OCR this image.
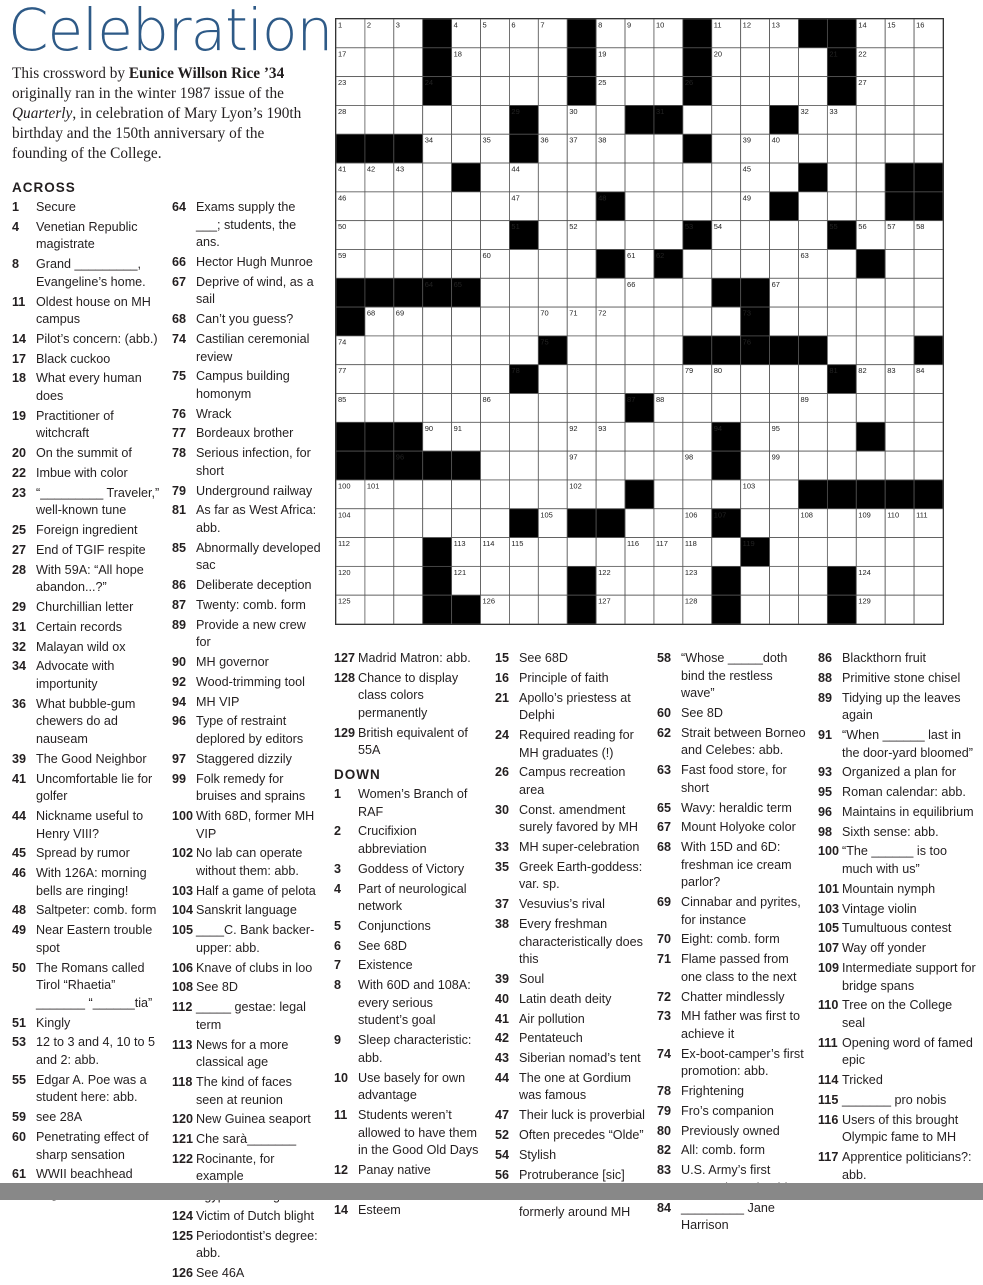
Celebration

This crossword by Eunice Willson Rice ’34 originally ran in the winter 1987 issue of the Quarterly, in celebration of Mary Lyon’s 190th birthday and the 150th anniversary of the founding of the College.

ACROSS
1 Secure
4 Venetian Republic magistrate
8 Grand _________, Evangeline’s home.
11 Oldest house on MH campus
14 Pilot’s concern: (abb.)
17 Black cuckoo
18 What every human does
19 Practitioner of witchcraft
20 On the summit of
22 Imbue with color
23 “_________ Traveler,” well-known tune
25 Foreign ingredient
27 End of TGIF respite
28 With 59A: “All hope abandon...?”
29 Churchillian letter
31 Certain records
32 Malayan wild ox
34 Advocate with importunity
36 What bubble-gum chewers do ad nauseam
39 The Good Neighbor
41 Uncomfortable lie for golfer
44 Nickname useful to Henry VIII?
45 Spread by rumor
46 With 126A: morning bells are ringing!
48 Saltpeter: comb. form
49 Near Eastern trouble spot
50 The Romans called Tirol “Rhaetia” _______ “______tia”
51 Kingly
53 12 to 3 and 4, 10 to 5 and 2: abb.
55 Edgar A. Poe was a student here: abb.
59 see 28A
60 Penetrating effect of sharp sensation
61 WWII beachhead
64 Exams supply the ___; students, the ans.
66 Hector Hugh Munroe
67 Deprive of wind, as a sail
68 Can’t you guess?
74 Castilian ceremonial review
75 Campus building homonym
76 Wrack
77 Bordeaux brother
78 Serious infection, for short
79 Underground railway
81 As far as West Africa: abb.
85 Abnormally developed sac
86 Deliberate deception
87 Twenty: comb. form
89 Provide a new crew for
90 MH governor
92 Wood-trimming tool
94 MH VIP
96 Type of restraint deplored by editors
97 Staggered dizzily
99 Folk remedy for bruises and sprains
100 With 68D, former MH VIP
102 No lab can operate without them: abb.
103 Half a game of pelota
104 Sanskrit language
105 ____C. Bank backer-upper: abb.
106 Knave of clubs in loo
108 See 8D
112 _____ gestae: legal term
113 News for a more classical age
118 The kind of faces seen at reunion
120 New Guinea seaport
121 Che sarà_______
122 Rocinante, for example
124 Victim of Dutch blight
125 Periodontist’s degree: abb.
126 See 46A
127 Madrid Matron: abb.
128 Chance to display class colors permanently
129 British equivalent of 55A
DOWN
1 Women’s Branch of RAF
2 Crucifixion abbreviation
3 Goddess of Victory
4 Part of neurological network
5 Conjunctions
6 See 68D
7 Existence
8 With 60D and 108A: every serious student’s goal
9 Sleep characteristic: abb.
10 Use basely for own advantage
11 Students weren’t allowed to have them in the Good Old Days
12 Panay native
14 Esteem
15 See 68D
16 Principle of faith
21 Apollo’s priestess at Delphi
24 Required reading for MH graduates (!)
26 Campus recreation area
30 Const. amendment surely favored by MH
33 MH super-celebration
35 Greek Earth-goddess: var. sp.
37 Vesuvius’s rival
38 Every freshman characteristically does this
39 Soul
40 Latin death deity
41 Air pollution
42 Pentateuch
43 Siberian nomad’s tent
44 The one at Gordium was famous
47 Their luck is proverbial
52 Often precedes “Olde”
54 Stylish
56 Protruberance [sic]
formerly around MH
58 “Whose _____doth bind the restless wave”
60 See 8D
62 Strait between Borneo and Celebes: abb.
63 Fast food store, for short
65 Wavy: heraldic term
67 Mount Holyoke color
68 With 15D and 6D: freshman ice cream parlor?
69 Cinnabar and pyrites, for instance
70 Eight: comb. form
71 Flame passed from one class to the next
72 Chatter mindlessly
73 MH father was first to achieve it
74 Ex-boot-camper’s first promotion: abb.
78 Frightening
79 Fro’s companion
80 Previously owned
82 All: comb. form
83 U.S. Army’s first
84 _________ Jane Harrison
86 Blackthorn fruit
88 Primitive stone chisel
89 Tidying up the leaves again
91 “When ______ last in the door-yard bloomed”
93 Organized a plan for
95 Roman calendar: abb.
96 Maintains in equilibrium
98 Sixth sense: abb.
100 “The ______ is too much with us”
101 Mountain nymph
103 Vintage violin
105 Tumultuous contest
107 Way off yonder
109 Intermediate support for bridge spans
110 Tree on the College seal
111 Opening word of famed epic
114 Tricked
115 _______ pro nobis
116 Users of this brought Olympic fame to MH
117 Apprentice politicians?: abb.
1	2	3	4	5	6	7	8	9	10	11	12	13	14	15	16
17	18	19	20	21	22
23	24	25	26	27
28	29	30	31	32	33
34	35	36	37	38	39	40
41	42	43	44	45
46	47	48	49
50	51	52	53	54	55	56	57	58
59	60	61	62	63
64	65	66	67
68	69	70	71	72	73
74	75	76
77	78	79	80	81	82	83	84
85	86	87	88	89
90	91	92	93	94	95
96	97	98	99
100 101	102	103
104	105	106 107	108	109 110 111
112	113 114 115	116 117 118	119
120	121	122	123	124
125	126	127	128	129
